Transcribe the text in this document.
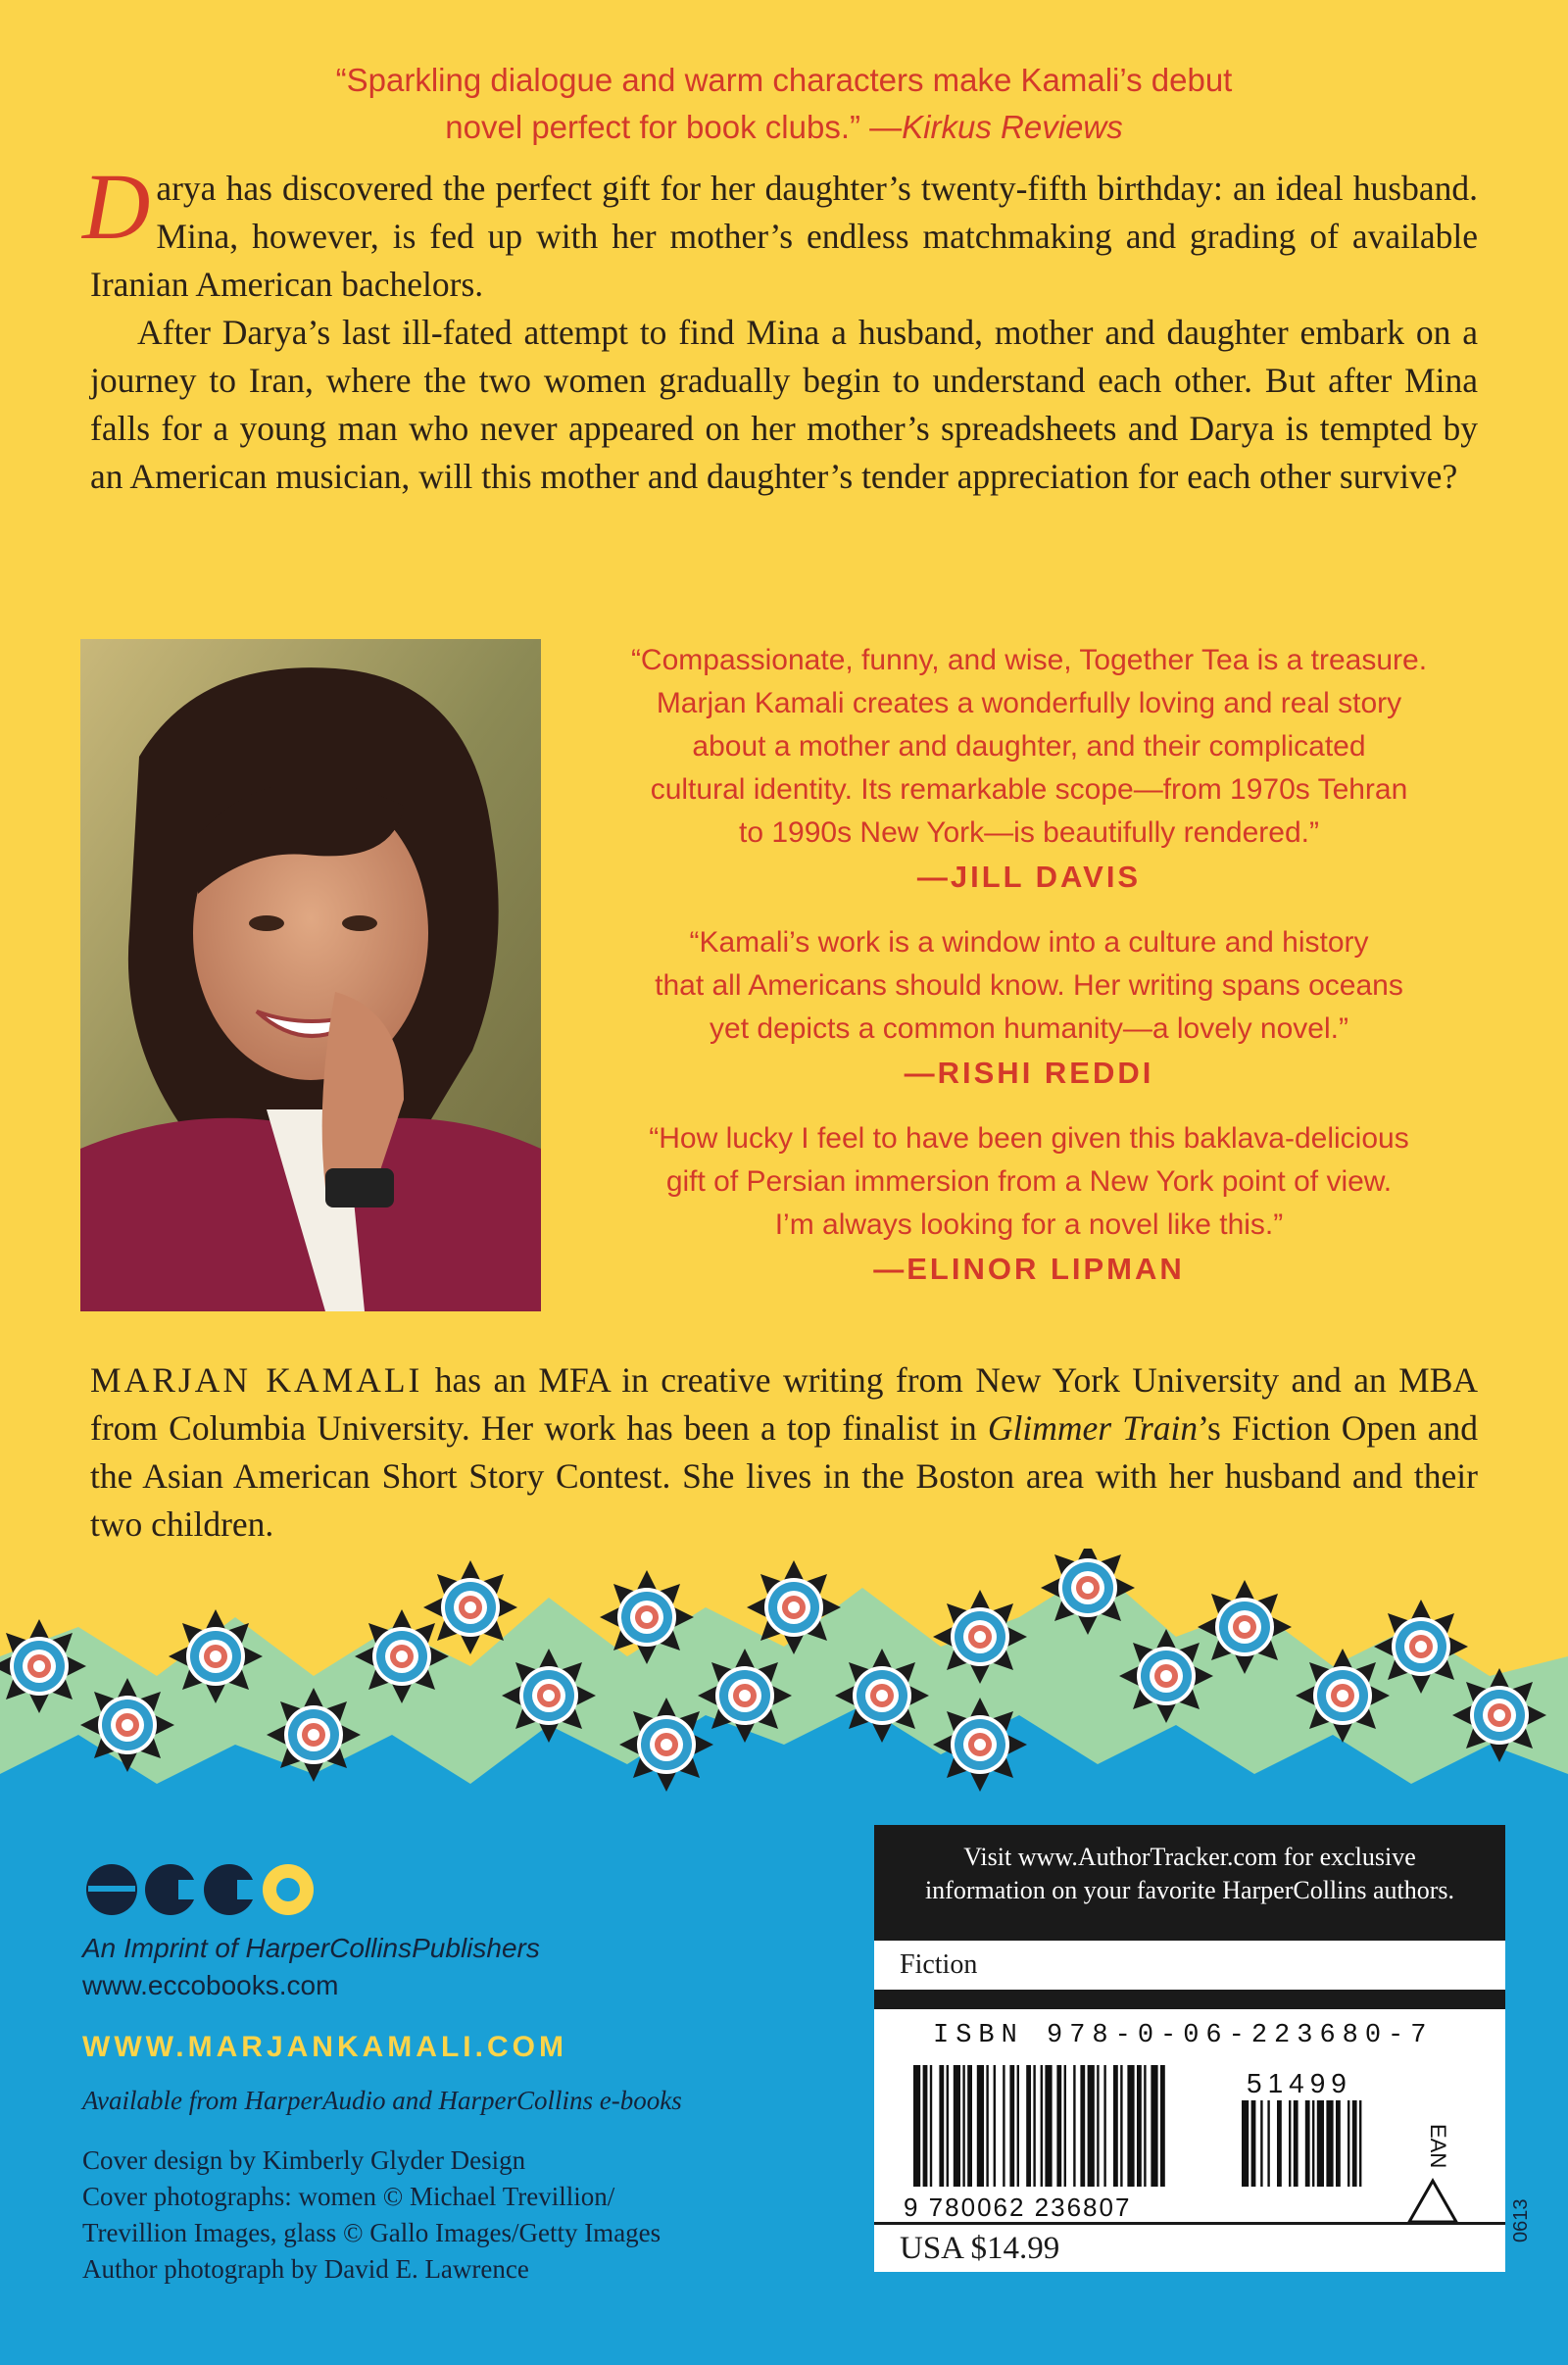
“Sparkling dialogue and warm characters make Kamali’s debut
novel perfect for book clubs.” —Kirkus Reviews

Darya has discovered the perfect gift for her daughter’s twenty-fifth birthday: an ideal husband. Mina, however, is fed up with her mother’s endless matchmaking and grading of available Iranian American bachelors.

After Darya’s last ill-fated attempt to find Mina a husband, mother and daughter embark on a journey to Iran, where the two women gradually begin to understand each other. But after Mina falls for a young man who never appeared on her mother’s spreadsheets and Darya is tempted by an American musician, will this mother and daughter’s tender appreciation for each other survive?

“Compassionate, funny, and wise, Together Tea is a treasure.
Marjan Kamali creates a wonderfully loving and real story
about a mother and daughter, and their complicated
cultural identity. Its remarkable scope—from 1970s Tehran
to 1990s New York—is beautifully rendered.”
—JILL DAVIS
“Kamali’s work is a window into a culture and history
that all Americans should know. Her writing spans oceans
yet depicts a common humanity—a lovely novel.”
—RISHI REDDI
“How lucky I feel to have been given this baklava-delicious
gift of Persian immersion from a New York point of view.
I’m always looking for a novel like this.”
—ELINOR LIPMAN
MARJAN KAMALI has an MFA in creative writing from New York University and an MBA from Columbia University. Her work has been a top finalist in Glimmer Train’s Fiction Open and the Asian American Short Story Contest. She lives in the Boston area with her husband and their two children.
An Imprint of HarperCollinsPublishers
www.eccobooks.com
WWW.MARJANKAMALI.COM
Available from HarperAudio and HarperCollins e-books
Cover design by Kimberly Glyder Design
Cover photographs: women © Michael Trevillion/
Trevillion Images, glass © Gallo Images/Getty Images
Author photograph by David E. Lawrence
Visit www.AuthorTracker.com for exclusive
information on your favorite HarperCollins authors.
Fiction
ISBN 978-0-06-223680-7
51499
EAN
9 780062 236807
USA $14.99
0613
